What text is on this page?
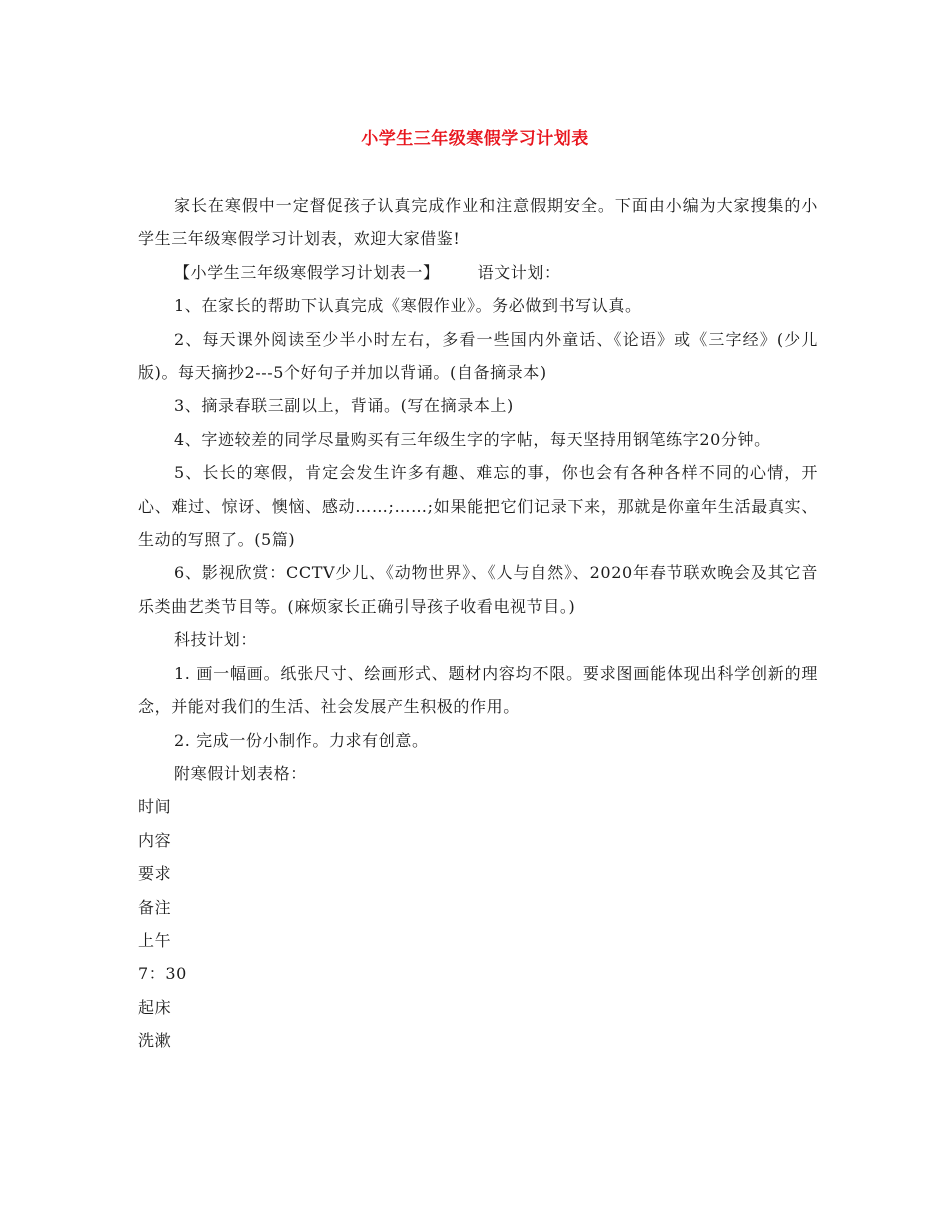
小学生三年级寒假学习计划表

家长在寒假中一定督促孩子认真完成作业和注意假期安全。下面由小编为大家搜集的小学生三年级寒假学习计划表，欢迎大家借鉴!

【小学生三年级寒假学习计划表一】 语文计划：

1、在家长的帮助下认真完成《寒假作业》。务必做到书写认真。

2、每天课外阅读至少半小时左右，多看一些国内外童话、《论语》或《三字经》(少儿版)。每天摘抄2---5个好句子并加以背诵。(自备摘录本)

3、摘录春联三副以上，背诵。(写在摘录本上)

4、字迹较差的同学尽量购买有三年级生字的字帖，每天坚持用钢笔练字20分钟。

5、长长的寒假，肯定会发生许多有趣、难忘的事，你也会有各种各样不同的心情，开心、难过、惊讶、懊恼、感动……;……;如果能把它们记录下来，那就是你童年生活最真实、生动的写照了。(5篇)

6、影视欣赏：CCTV少儿、《动物世界》、《人与自然》、2020年春节联欢晚会及其它音乐类曲艺类节目等。(麻烦家长正确引导孩子收看电视节目。)

科技计划：

1. 画一幅画。纸张尺寸、绘画形式、题材内容均不限。要求图画能体现出科学创新的理念，并能对我们的生活、社会发展产生积极的作用。

2. 完成一份小制作。力求有创意。

附寒假计划表格：

时间

内容

要求

备注

上午

7：30

起床

洗漱
